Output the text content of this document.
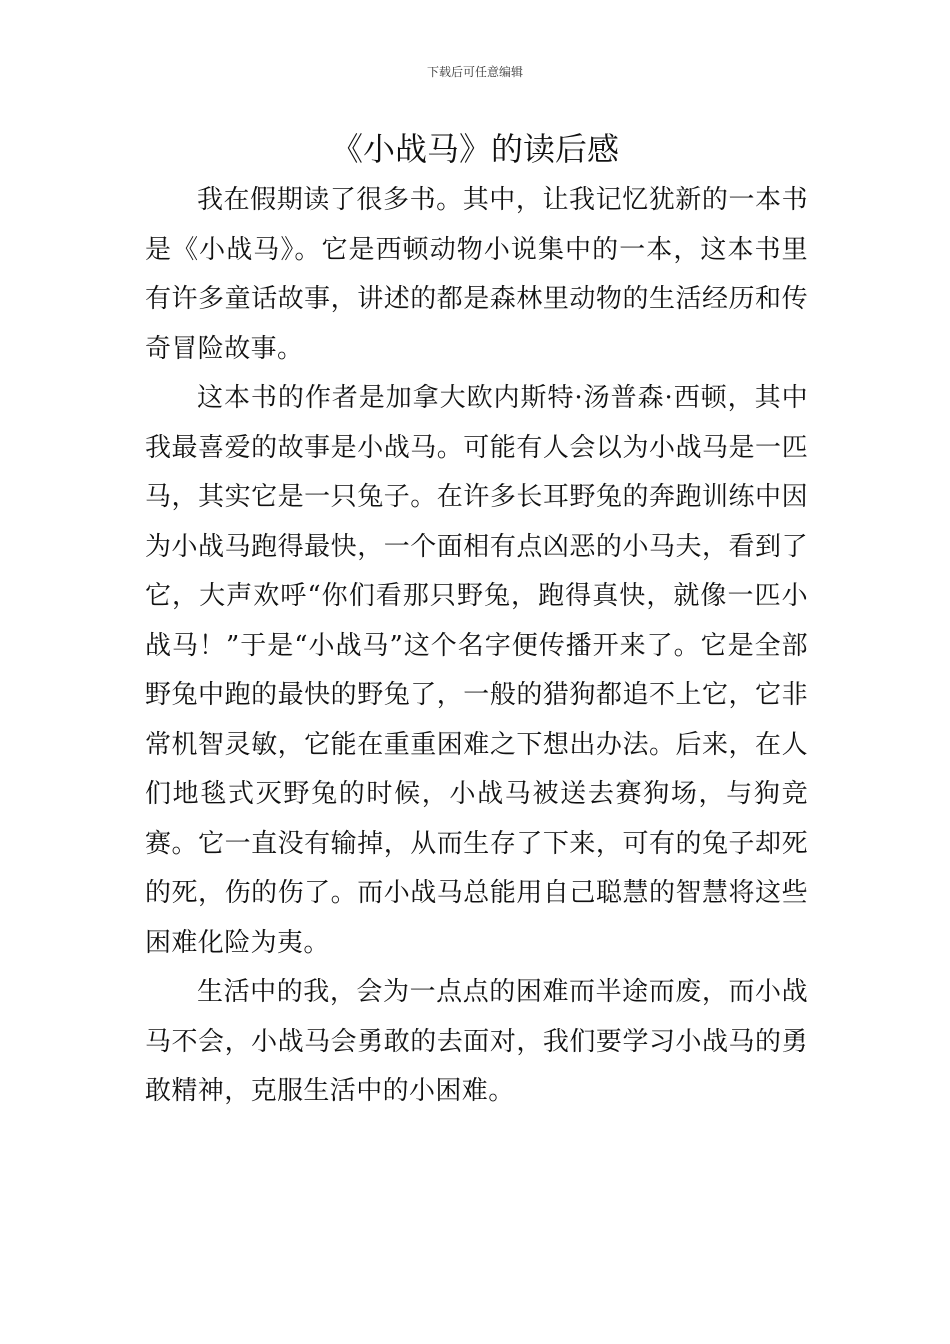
下载后可任意编辑
《小战马》的读后感

我在假期读了很多书。其中，让我记忆犹新的一本书是《小战马》。它是西顿动物小说集中的一本，这本书里有许多童话故事，讲述的都是森林里动物的生活经历和传奇冒险故事。

这本书的作者是加拿大欧内斯特·汤普森·西顿，其中我最喜爱的故事是小战马。可能有人会以为小战马是一匹马，其实它是一只兔子。在许多长耳野兔的奔跑训练中因为小战马跑得最快，一个面相有点凶恶的小马夫，看到了它，大声欢呼“你们看那只野兔，跑得真快，就像一匹小战马！”于是“小战马”这个名字便传播开来了。它是全部野兔中跑的最快的野兔了，一般的猎狗都追不上它，它非常机智灵敏，它能在重重困难之下想出办法。后来，在人们地毯式灭野兔的时候，小战马被送去赛狗场，与狗竞赛。它一直没有输掉，从而生存了下来，可有的兔子却死的死，伤的伤了。而小战马总能用自己聪慧的智慧将这些困难化险为夷。

生活中的我，会为一点点的困难而半途而废，而小战马不会，小战马会勇敢的去面对，我们要学习小战马的勇敢精神，克服生活中的小困难。
